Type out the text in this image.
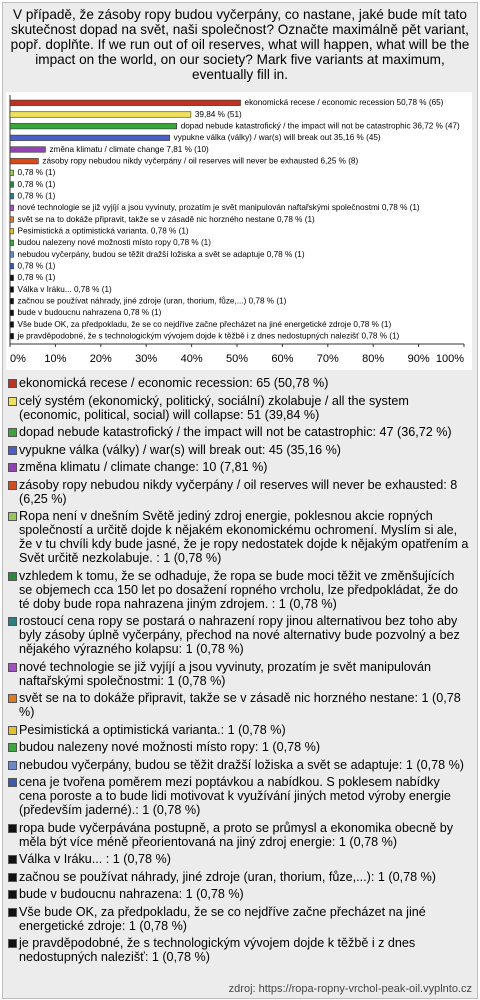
V případě, že zásoby ropy budou vyčerpány, co nastane, jaké bude mít tato skutečnost dopad na svět, naši společnost? Označte maximálně pět variant, popř. doplňte. If we run out of oil reserves, what will happen, what will be the impact on the world, on our society? Mark five variants at maximum, eventually fill in.
ekonomická recese / economic recession 50,78 % (65)
39,84 % (51)
dopad nebude katastrofický / the impact will not be catastrophic 36,72 % (47)
vypukne válka (války) / war(s) will break out 35,16 % (45)
změna klimatu / climate change 7,81 % (10)
zásoby ropy nebudou nikdy vyčerpány / oil reserves will never be exhausted 6,25 % (8)
0,78 % (1)
0,78 % (1)
0,78 % (1)
nové technologie se již vyjíjí a jsou vyvinuty, prozatím je svět manipulován naftařskými společnostmi 0,78 % (1)
svět se na to dokáže připravit, takže se v zásadě nic horzného nestane 0,78 % (1)
Pesimistická a optimistická varianta. 0,78 % (1)
budou nalezeny nové možnosti místo ropy 0,78 % (1)
nebudou vyčerpány, budou se těžit dražší ložiska a svět se adaptuje 0,78 % (1)
0,78 % (1)
0,78 % (1)
Válka v Iráku... 0,78 % (1)
začnou se používat náhrady, jiné zdroje (uran, thorium, fůze,...) 0,78 % (1)
bude v budoucnu nahrazena 0,78 % (1)
Vše bude OK, za předpokladu, že se co nejdříve začne přecházet na jiné energetické zdroje 0,78 % (1)
je pravděpodobné, že s technologickým vývojem dojde k těžbě i z dnes nedostupných nalezišť 0,78 % (1)
0% 10% 20% 30% 40% 50% 60% 70% 80% 90% 100%
ekonomická recese / economic recession: 65 (50,78 %)
celý systém (ekonomický, politický, sociální) zkolabuje / all the system (economic, political, social) will collapse: 51 (39,84 %)
dopad nebude katastrofický / the impact will not be catastrophic: 47 (36,72 %)
vypukne válka (války) / war(s) will break out: 45 (35,16 %)
změna klimatu / climate change: 10 (7,81 %)
zásoby ropy nebudou nikdy vyčerpány / oil reserves will never be exhausted: 8 (6,25 %)
Ropa není v dnešním Světě jediný zdroj energie, poklesnou akcie ropných společností a určitě dojde k nějakém ekonomickému ochromení. Myslím si ale, že v tu chvíli kdy bude jasné, že je ropy nedostatek dojde k nějakým opatřením a Svět určitě nezkolabuje. : 1 (0,78 %)
vzhledem k tomu, že se odhaduje, že ropa se bude moci těžit ve změnšujících se objemech cca 150 let po dosažení ropného vrcholu, lze předpokládat, že do té doby bude ropa nahrazena jiným zdrojem. : 1 (0,78 %)
rostoucí cena ropy se postará o nahrazení ropy jinou alternativou bez toho aby byly zásoby úplně vyčerpány, přechod na nové alternativy bude pozvolný a bez nějakého výrazného kolapsu: 1 (0,78 %)
nové technologie se již vyjíjí a jsou vyvinuty, prozatím je svět manipulován naftařskými společnostmi: 1 (0,78 %)
svět se na to dokáže připravit, takže se v zásadě nic horzného nestane: 1 (0,78 %)
Pesimistická a optimistická varianta.: 1 (0,78 %)
budou nalezeny nové možnosti místo ropy: 1 (0,78 %)
nebudou vyčerpány, budou se těžit dražší ložiska a svět se adaptuje: 1 (0,78 %)
cena je tvořena poměrem mezi poptávkou a nabídkou. S poklesem nabídky cena poroste a to bude lidi motivovat k využívání jiných metod výroby energie (především jaderné).: 1 (0,78 %)
ropa bude vyčerpávána postupně, a proto se průmysl a ekonomika obecně by měla být více méně přeorientovaná na jiný zdroj energie: 1 (0,78 %)
Válka v Iráku... : 1 (0,78 %)
začnou se používat náhrady, jiné zdroje (uran, thorium, fůze,...): 1 (0,78 %)
bude v budoucnu nahrazena: 1 (0,78 %)
Vše bude OK, za předpokladu, že se co nejdříve začne přecházet na jiné energetické zdroje: 1 (0,78 %)
je pravděpodobné, že s technologickým vývojem dojde k těžbě i z dnes nedostupných nalezišť: 1 (0,78 %)
zdroj: https://ropa-ropny-vrchol-peak-oil.vyplnto.cz
